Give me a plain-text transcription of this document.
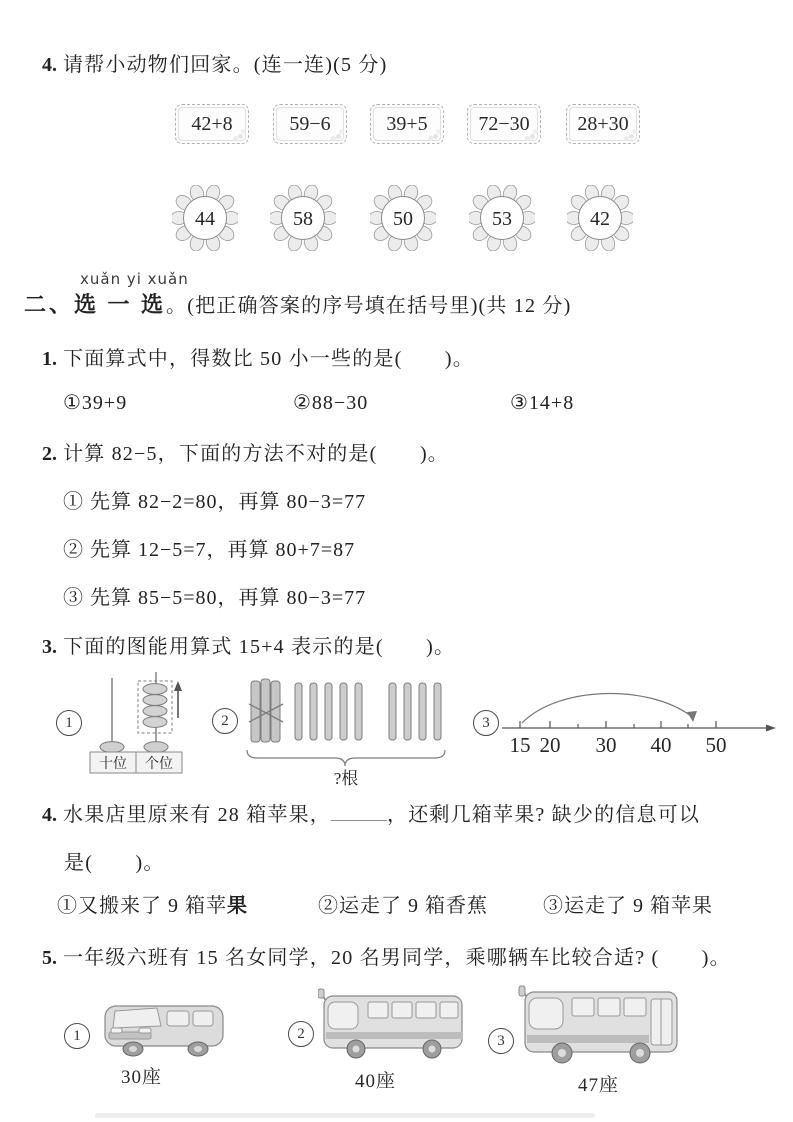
4. 请帮小动物们回家。(连一连)(5 分)
42+8	59−6	39+5	72−30 28+30
44	58	50	53	42
xuǎn yi xuǎn
二、选 一 选。(把正确答案的序号填在括号里)(共 12 分)
1. 下面算式中，得数比 50 小一些的是(　　)。
①39+9	②88−30	③14+8
2. 计算 82−5，下面的方法不对的是(　　)。
① 先算 82−2=80，再算 80−3=77
② 先算 12−5=7，再算 80+7=87
③ 先算 85−5=80，再算 80−3=77
3. 下面的图能用算式 15+4 表示的是(　　)。
1
十位 个位
2
?根
3
15 20 30 40 50
4. 水果店里原来有 28 箱苹果，	，还剩几箱苹果? 缺少的信息可以
是(　　)。
①又搬来了 9 箱苹果	②运走了 9 箱香蕉	③运走了 9 箱苹果
5. 一年级六班有 15 名女同学，20 名男同学，乘哪辆车比较合适? (　　)。
1
30座
2
40座
3
47座
